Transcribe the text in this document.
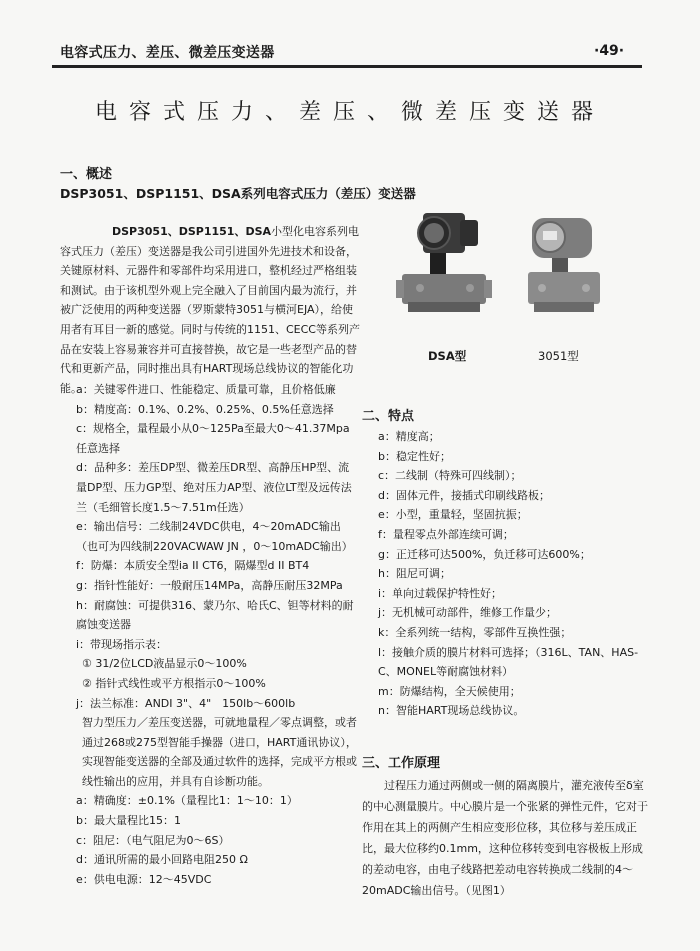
电容式压力、差压、微差压变送器	·49·
电容式压力、差压、微差压变送器
一、概述
DSP3051、DSP1151、DSA系列电容式压力（差压）变送器
DSP3051、DSP1151、DSA小型化电容系列电容式压力（差压）变送器是我公司引进国外先进技术和设备，关键原材料、元器件和零部件均采用进口，整机经过严格组装和测试。由于该机型外观上完全融入了目前国内最为流行，并被广泛使用的两种变送器（罗斯蒙特3051与横河EJA），给使用者有耳目一新的感觉。同时与传统的1151、CECC等系列产品在安装上容易兼容并可直接替换，故它是一些老型产品的替代和更新产品，同时推出具有HART现场总线协议的智能化功能。
a：关键零件进口、性能稳定、质量可靠，且价格低廉
b：精度高：0.1%、0.2%、0.25%、0.5%任意选择
c：规格全，量程最小从0～125Pa至最大0～41.37Mpa任意选择
d：品种多：差压DP型、微差压DR型、高静压HP型、流量DP型、压力GP型、绝对压力AP型、液位LT型及远传法兰（毛细管长度1.5～7.51m任选）
e：输出信号：二线制24VDC供电，4～20mADC输出（也可为四线制220VACWAW JN ，0～10mADC输出）
f：防爆：本质安全型ia II CT6，隔爆型d II BT4
g：指针性能好：一般耐压14MPa，高静压耐压32MPa
h：耐腐蚀：可提供316、蒙乃尔、哈氏C、钽等材料的耐腐蚀变送器
i：带现场指示表：
① 31/2位LCD液晶显示0～100%
② 指针式线性或平方根指示0～100%
j：法兰标准：ANDI 3"、4"　150lb～600lb
智力型压力／差压变送器，可就地量程／零点调整，或者通过268或275型智能手操器（进口，HART通讯协议），实现智能变送器的全部及通过软件的选择，完成平方根或线性输出的应用，并具有自诊断功能。
a：精确度：±0.1%（量程比1：1～10：1）
b：最大量程比15：1
c：阻尼：（电气阻尼为0～6S）
d：通讯所需的最小回路电阻250 Ω
e：供电电源：12～45VDC
DSA型	3051型
二、特点
a：精度高；
b：稳定性好；
c：二线制（特殊可四线制）；
d：固体元件，接插式印刷线路板；
e：小型，重量轻，坚固抗振；
f：量程零点外部连续可调；
g：正迁移可达500%，负迁移可达600%；
h：阻尼可调；
i：单向过载保护特性好；
j：无机械可动部件，维修工作量少；
k：全系列统一结构，零部件互换性强；
l：接触介质的膜片材料可选择；（316L、TAN、HAS-C、MONEL等耐腐蚀材料）
m：防爆结构，全天候使用；
n：智能HART现场总线协议。
三、工作原理
过程压力通过两侧或一侧的隔离膜片，灌充液传至δ室的中心测量膜片。中心膜片是一个张紧的弹性元件，它对于作用在其上的两侧产生相应变形位移，其位移与差压成正比，最大位移约0.1mm，这种位移转变到电容极板上形成的差动电容，由电子线路把差动电容转换成二线制的4～20mADC输出信号。（见图1）
